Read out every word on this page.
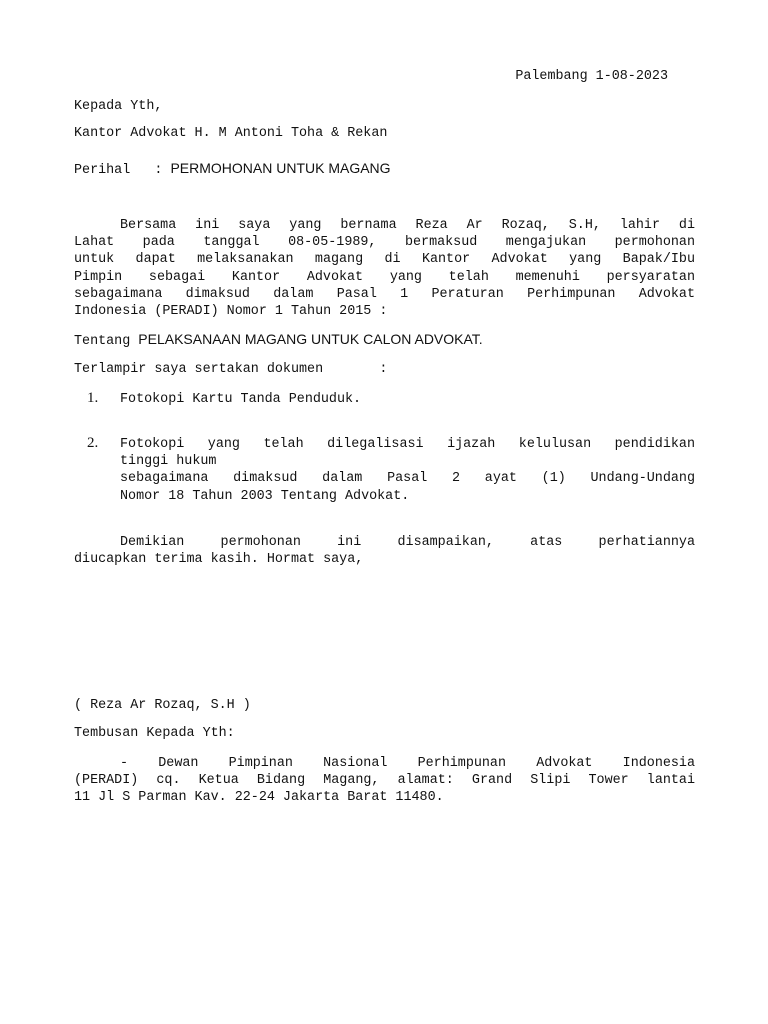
Palembang 1-08-2023
Kepada Yth,
Kantor Advokat H. M Antoni Toha & Rekan
Perihal   : PERMOHONAN UNTUK MAGANG
Bersama ini saya yang bernama Reza Ar Rozaq, S.H, lahir di
Lahat pada tanggal 08-05-1989, bermaksud mengajukan permohonan
untuk dapat melaksanakan magang di Kantor Advokat yang Bapak/Ibu
Pimpin sebagai Kantor Advokat yang telah memenuhi persyaratan
sebagaimana dimaksud dalam Pasal 1 Peraturan Perhimpunan Advokat
Indonesia (PERADI) Nomor 1 Tahun 2015 :
Tentang PELAKSANAAN MAGANG UNTUK CALON ADVOKAT.
Terlampir saya sertakan dokumen       :
1. Fotokopi Kartu Tanda Penduduk.
2. Fotokopi yang telah dilegalisasi ijazah kelulusan pendidikan
tinggi hukum
sebagaimana dimaksud dalam Pasal 2 ayat (1) Undang-Undang
Nomor 18 Tahun 2003 Tentang Advokat.
Demikian permohonan ini disampaikan, atas perhatiannya
diucapkan terima kasih. Hormat saya,
( Reza Ar Rozaq, S.H )
Tembusan Kepada Yth:
- Dewan Pimpinan Nasional Perhimpunan Advokat Indonesia
(PERADI) cq. Ketua Bidang Magang, alamat: Grand Slipi Tower lantai
11 Jl S Parman Kav. 22-24 Jakarta Barat 11480.
